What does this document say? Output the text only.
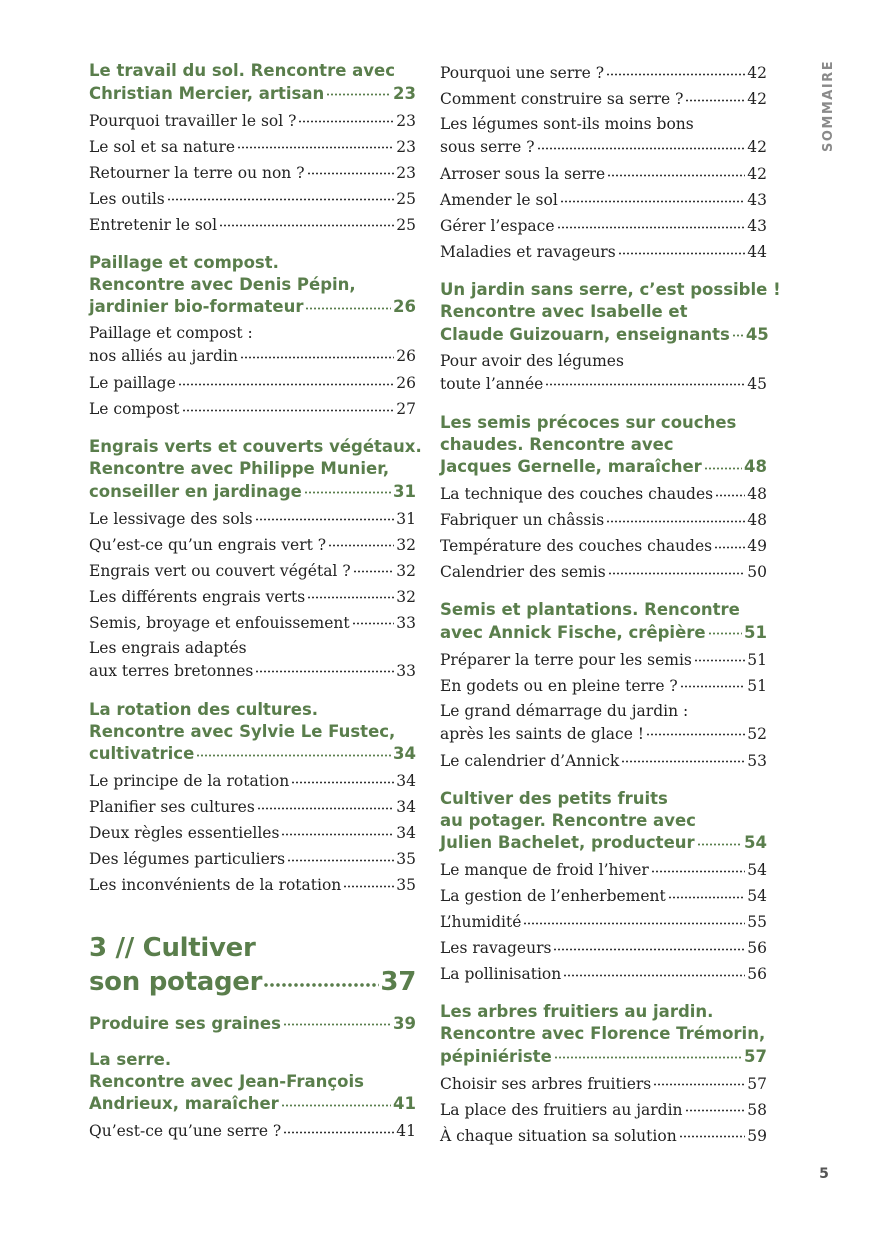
SOMMAIRE
Le travail du sol. Rencontre avec
Christian Mercier, artisan	23
Pourquoi travailler le sol ?	23
Le sol et sa nature	23
Retourner la terre ou non ?	23
Les outils	25
Entretenir le sol	25
Paillage et compost.
Rencontre avec Denis Pépin,
jardinier bio-formateur	26
Paillage et compost :
nos alliés au jardin	26
Le paillage	26
Le compost	27
Engrais verts et couverts végétaux.
Rencontre avec Philippe Munier,
conseiller en jardinage	31
Le lessivage des sols	31
Qu’est-ce qu’un engrais vert ?	32
Engrais vert ou couvert végétal ?	32
Les différents engrais verts	32
Semis, broyage et enfouissement	33
Les engrais adaptés
aux terres bretonnes	33
La rotation des cultures.
Rencontre avec Sylvie Le Fustec,
cultivatrice	34
Le principe de la rotation	34
Planifier ses cultures	34
Deux règles essentielles	34
Des légumes particuliers	35
Les inconvénients de la rotation	35
3 // Cultiver
son potager	37
Produire ses graines	39
La serre.
Rencontre avec Jean-François
Andrieux, maraîcher	41
Qu’est-ce qu’une serre ?	41
Pourquoi une serre ?	42
Comment construire sa serre ?	42
Les légumes sont-ils moins bons
sous serre ?	42
Arroser sous la serre	42
Amender le sol	43
Gérer l’espace	43
Maladies et ravageurs	44
Un jardin sans serre, c’est possible !
Rencontre avec Isabelle et
Claude Guizouarn, enseignants 45
Pour avoir des légumes
toute l’année	45
Les semis précoces sur couches
chaudes. Rencontre avec
Jacques Gernelle, maraîcher	48
La technique des couches chaudes 48
Fabriquer un châssis	48
Température des couches chaudes 49
Calendrier des semis	50
Semis et plantations. Rencontre
avec Annick Fische, crêpière 51
Préparer la terre pour les semis	51
En godets ou en pleine terre ?	51
Le grand démarrage du jardin :
après les saints de glace !	52
Le calendrier d’Annick	53
Cultiver des petits fruits
au potager. Rencontre avec
Julien Bachelet, producteur	54
Le manque de froid l’hiver	54
La gestion de l’enherbement	54
L’humidité	55
Les ravageurs	56
La pollinisation	56
Les arbres fruitiers au jardin.
Rencontre avec Florence Trémorin,
pépiniériste	57
Choisir ses arbres fruitiers	57
La place des fruitiers au jardin	58
À chaque situation sa solution	59
5
